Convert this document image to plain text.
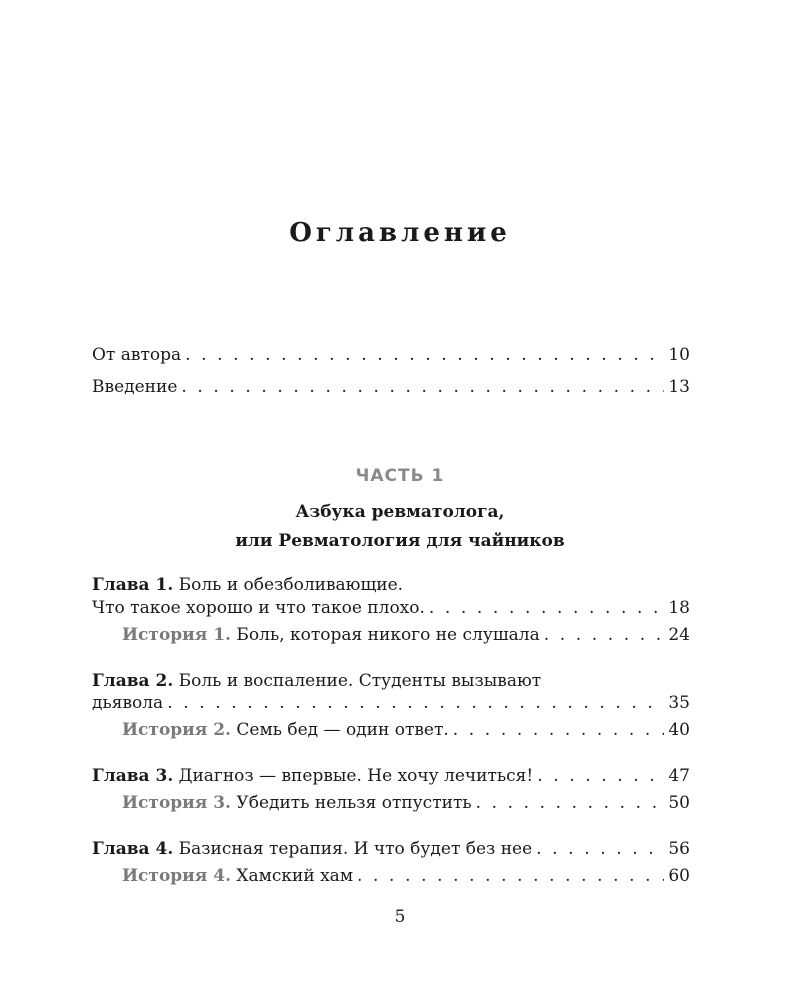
Оглавление
От автора . . .	10
Введение . . .	13
ЧАСТЬ 1
Азбука ревматолога,
или Ревматология для чайников
Глава 1. Боль и обезболивающие.
Что такое хорошо и что такое плохо. . . .	18
История 1. Боль, которая никого не слушала . . .	24
Глава 2. Боль и воспаление. Студенты вызывают
дьявола . . .	35
История 2. Семь бед — один ответ. . . .	40
Глава 3. Диагноз — впервые. Не хочу лечиться! . . .	47
История 3. Убедить нельзя отпустить . . .	50
Глава 4. Базисная терапия. И что будет без нее . . .	56
История 4. Хамский хам . . .	60
5
